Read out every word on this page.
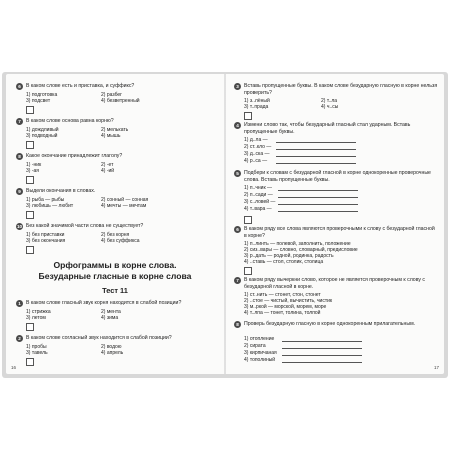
6	В каком слове есть и приставка, и суффикс?
1) подготовка	2) разбег
3) подсвет	4) безветренный
7	В каком слове основа равна корню?
1) дождливый	2) мелькать
3) подводный	4) мышь
8	Какое окончание принадлежит глаголу?
1) -ник	2) -ет
3) -ая	4) -ий
9	Выдели окончания в словах.
1) рыба — рыбы	2) сонный — сонная
3) любишь — любит	4) мечты — мечтам
10 Без какой значимой части слова не существует?
1) без приставки	2) без корня
3) без окончания	4) без суффикса
Орфограммы в корне слова.
Безударные гласные в корне слова
Тест 11
1	В каком слове гласный звук корня находится в слабой позиции?
1) стрижка	2) мента
3) летом	4) зима
2	В каком слове согласный звук находится в слабой позиции?
1) пробы	2) водою
3) тавель	4) апрель
16
3	Вставь пропущенные буквы. В каком слове безударную гласную в корне нельзя проверить?
1) з..лёный	2) т..ла
3) т..прада	4) ч..сы
4	Измени слово так, чтобы безударный гласный стал ударным. Вставь пропущенные буквы.
1) д..ла —
2) ст..кло —
3) д..ска —
4) р..са —
5	Подбери к словам с безударной гласной в корне однокоренные проверочные слова. Вставь пропущенные буквы.
1) п..чник —
2) п..сади —
3) с..ловей —
4) т..вара —
6	В каком ряду все слова являются проверочными к слову с безударной гласной в корне?
1) п..линть — полевой, заполнить, положение
2) сиз..вары — словно, словарный, предисловие
3) р..дать — родной, родинка, радость
4) ..ставь — стол, столик, столица
7	В каком ряду вычеркни слово, которое не является проверочным к слову с безударной гласной в корне.
1) ст..нить — стонет, стон, стонет
2) ..стое — чистый, вычистить, чистик
3) м..ркой — морской, морем, море
4) т..лпа — тонет, толина, толпой
8	Проверь безударную гласную в корне однокоренным прилагательным.
1) отопление
2) сирата
3) кирпичаная
4) тополиный
17
